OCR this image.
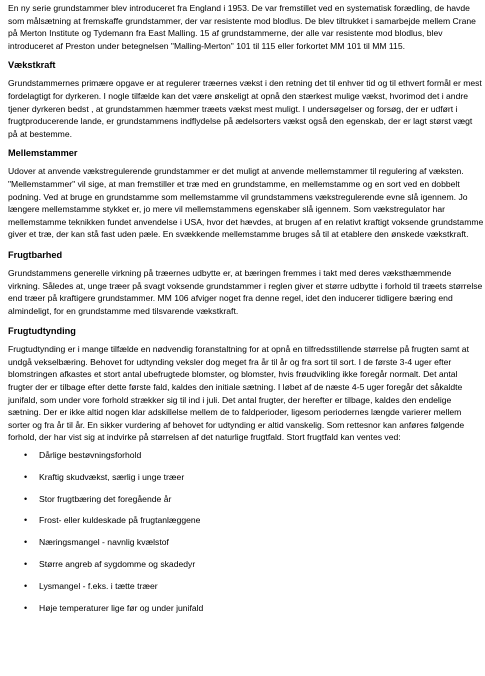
En ny serie grundstammer blev introduceret fra England i 1953. De var fremstillet ved en systematisk forædling, de havde som målsætning at fremskaffe grundstammer, der var resistente mod blodlus. De blev tiltrukket i samarbejde mellem Crane på Merton Institute og Tydemann fra East Malling. 15 af grundstammerne, der alle var resistente mod blodlus, blev introduceret af Preston under betegnelsen "Malling-Merton" 101 til 115 eller forkortet MM 101 til MM 115.

Vækstkraft

Grundstammernes primære opgave er at regulerer træernes vækst i den retning det til enhver tid og til ethvert formål er mest fordelagtigt for dyrkeren. I nogle tilfælde kan det være ønskeligt at opnå den stærkest mulige vækst, hvorimod det i andre tjener dyrkeren bedst , at grundstammen hæmmer træets vækst mest muligt. I undersøgelser og forsøg, der er udført i frugtproducerende lande, er grundstammens indflydelse på ædelsorters vækst også den egenskab, der er lagt størst vægt på at bestemme.

Mellemstammer

Udover at anvende vækstregulerende grundstammer er det muligt at anvende mellemstammer til regulering af væksten. "Mellemstammer" vil sige, at man fremstiller et træ med en grundstamme, en mellemstamme og en sort ved en dobbelt podning. Ved at bruge en grundstamme som mellemstamme vil grundstammens vækstregulerende evne slå igennem. Jo længere mellemstamme stykket er, jo mere vil mellemstammens egenskaber slå igennem. Som vækstregulator har mellemstamme teknikken fundet anvendelse i USA, hvor det hævdes, at brugen af en relativt kraftigt voksende grundstamme giver et træ, der kan stå fast uden pæle. En svækkende mellemstamme bruges så til at etablere den ønskede vækstkraft.

Frugtbarhed

Grundstammens generelle virkning på træernes udbytte er, at bæringen fremmes i takt med deres væksthæmmende virkning. Således at, unge træer på svagt voksende grundstammer i reglen giver et større udbytte i forhold til træets størrelse end træer på kraftigere grundstammer. MM 106 afviger noget fra denne regel, idet den inducerer tidligere bæring end almindeligt, for en grundstamme med tilsvarende vækstkraft.

Frugtudtynding

Frugtudtynding er i mange tilfælde en nødvendig foranstaltning for at opnå en tilfredsstillende størrelse på frugten samt at undgå vekselbæring. Behovet for udtynding veksler dog meget fra år til år og fra sort til sort. I de første 3-4 uger efter blomstringen afkastes et stort antal ubefrugtede blomster, og blomster, hvis frøudvikling ikke foregår normalt. Det antal frugter der er tilbage efter dette første fald, kaldes den initiale sætning. I løbet af de næste 4-5 uger foregår det såkaldte junifald, som under vore forhold strækker sig til ind i juli. Det antal frugter, der herefter er tilbage, kaldes den endelige sætning. Der er ikke altid nogen klar adskillelse mellem de to faldperioder, ligesom periodernes længde varierer mellem sorter og fra år til år. En sikker vurdering af behovet for udtynding er altid vanskelig. Som rettesnor kan anføres følgende forhold, der har vist sig at indvirke på størrelsen af det naturlige frugtfald. Stort frugtfald kan ventes ved:

• Dårlige bestøvningsforhold
• Kraftig skudvækst, særlig i unge træer
• Stor frugtbæring det foregående år
• Frost- eller kuldeskade på frugtanlæggene
• Næringsmangel - navnlig kvælstof
• Større angreb af sygdomme og skadedyr
• Lysmangel - f.eks. i tætte træer
• Høje temperaturer lige før og under junifald
